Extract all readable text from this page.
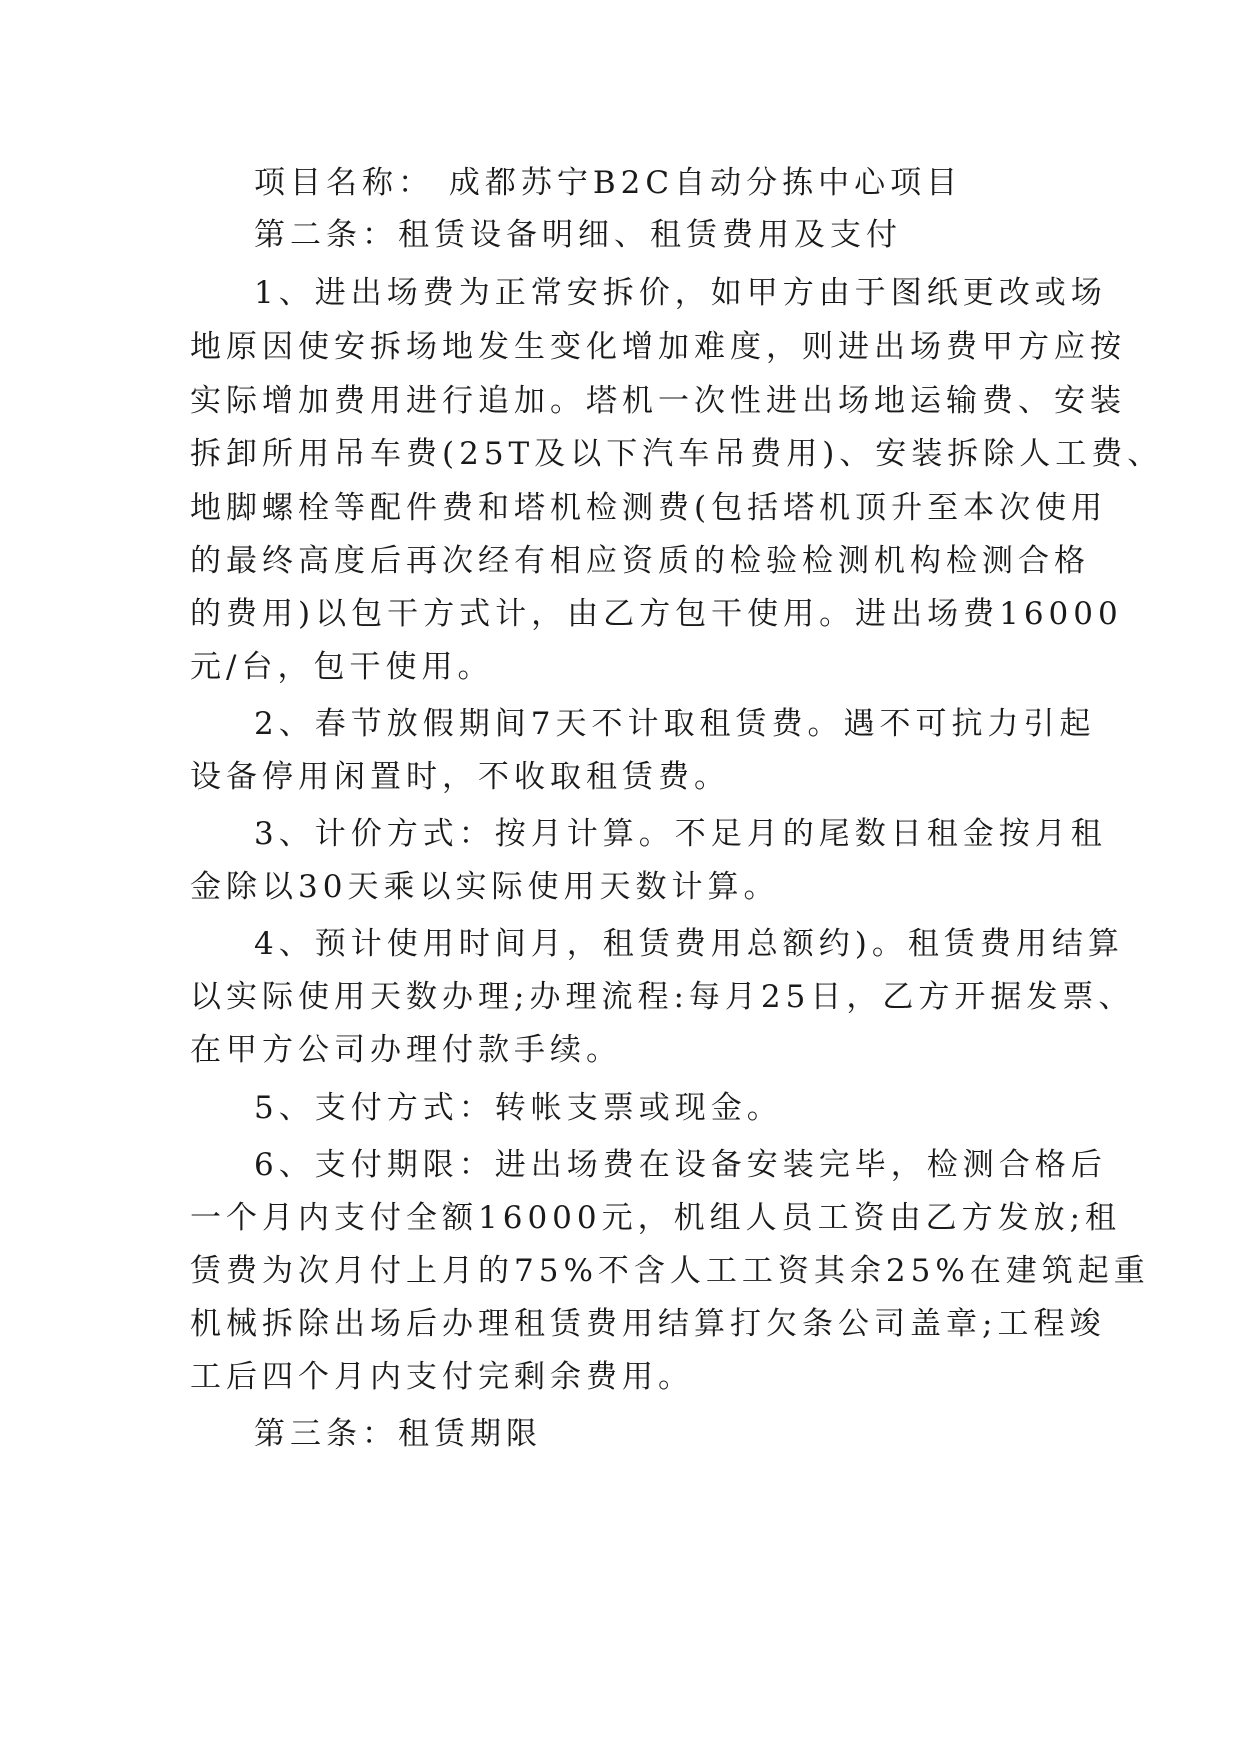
项目名称： 成都苏宁B2C自动分拣中心项目
第二条：租赁设备明细、租赁费用及支付
1、进出场费为正常安拆价，如甲方由于图纸更改或场
地原因使安拆场地发生变化增加难度，则进出场费甲方应按
实际增加费用进行追加。塔机一次性进出场地运输费、安装
拆卸所用吊车费(25T及以下汽车吊费用)、安装拆除人工费、
地脚螺栓等配件费和塔机检测费(包括塔机顶升至本次使用
的最终高度后再次经有相应资质的检验检测机构检测合格
的费用)以包干方式计，由乙方包干使用。进出场费16000
元/台，包干使用。
2、春节放假期间7天不计取租赁费。遇不可抗力引起
设备停用闲置时，不收取租赁费。
3、计价方式：按月计算。不足月的尾数日租金按月租
金除以30天乘以实际使用天数计算。
4、预计使用时间月，租赁费用总额约)。租赁费用结算
以实际使用天数办理;办理流程:每月25日，乙方开据发票、
在甲方公司办理付款手续。
5、支付方式：转帐支票或现金。
6、支付期限：进出场费在设备安装完毕，检测合格后
一个月内支付全额16000元，机组人员工资由乙方发放;租
赁费为次月付上月的75%不含人工工资其余25%在建筑起重
机械拆除出场后办理租赁费用结算打欠条公司盖章;工程竣
工后四个月内支付完剩余费用。
第三条：租赁期限
